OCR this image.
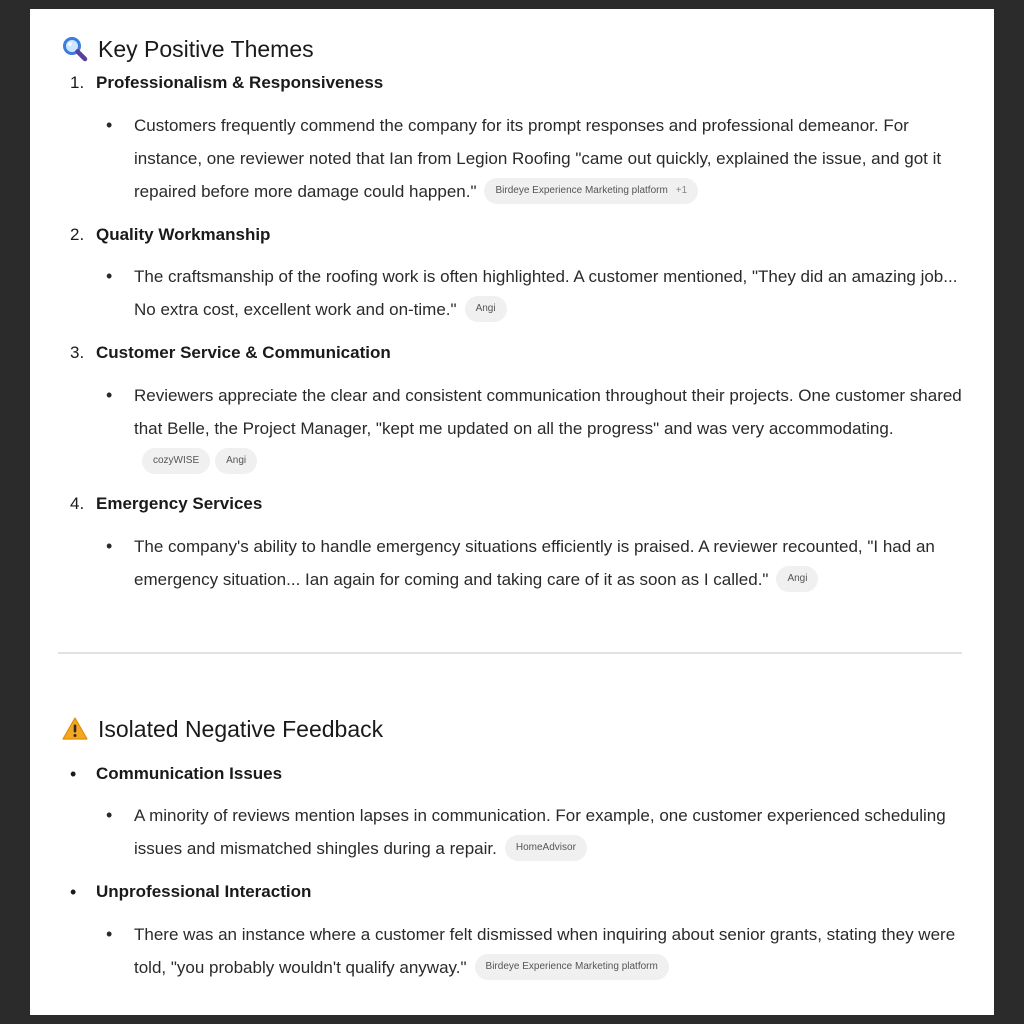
Key Positive Themes
1. Professionalism & Responsiveness
• Customers frequently commend the company for its prompt responses and professional demeanor. For instance, one reviewer noted that Ian from Legion Roofing "came out quickly, explained the issue, and got it repaired before more damage could happen." Birdeye Experience Marketing platform +1
2. Quality Workmanship
• The craftsmanship of the roofing work is often highlighted. A customer mentioned, "They did an amazing job... No extra cost, excellent work and on-time." Angi
3. Customer Service & Communication
• Reviewers appreciate the clear and consistent communication throughout their projects. One customer shared that Belle, the Project Manager, "kept me updated on all the progress" and was very accommodating.cozyWISE	Angi
4. Emergency Services
• The company's ability to handle emergency situations efficiently is praised. A reviewer recounted, "I had an emergency situation... Ian again for coming and taking care of it as soon as I called." Angi
Isolated Negative Feedback
•	Communication Issues
• A minority of reviews mention lapses in communication. For example, one customer experienced scheduling issues and mismatched shingles during a repair. HomeAdvisor
•	Unprofessional Interaction
• There was an instance where a customer felt dismissed when inquiring about senior grants, stating they were told, "you probably wouldn't qualify anyway." Birdeye Experience Marketing platform
